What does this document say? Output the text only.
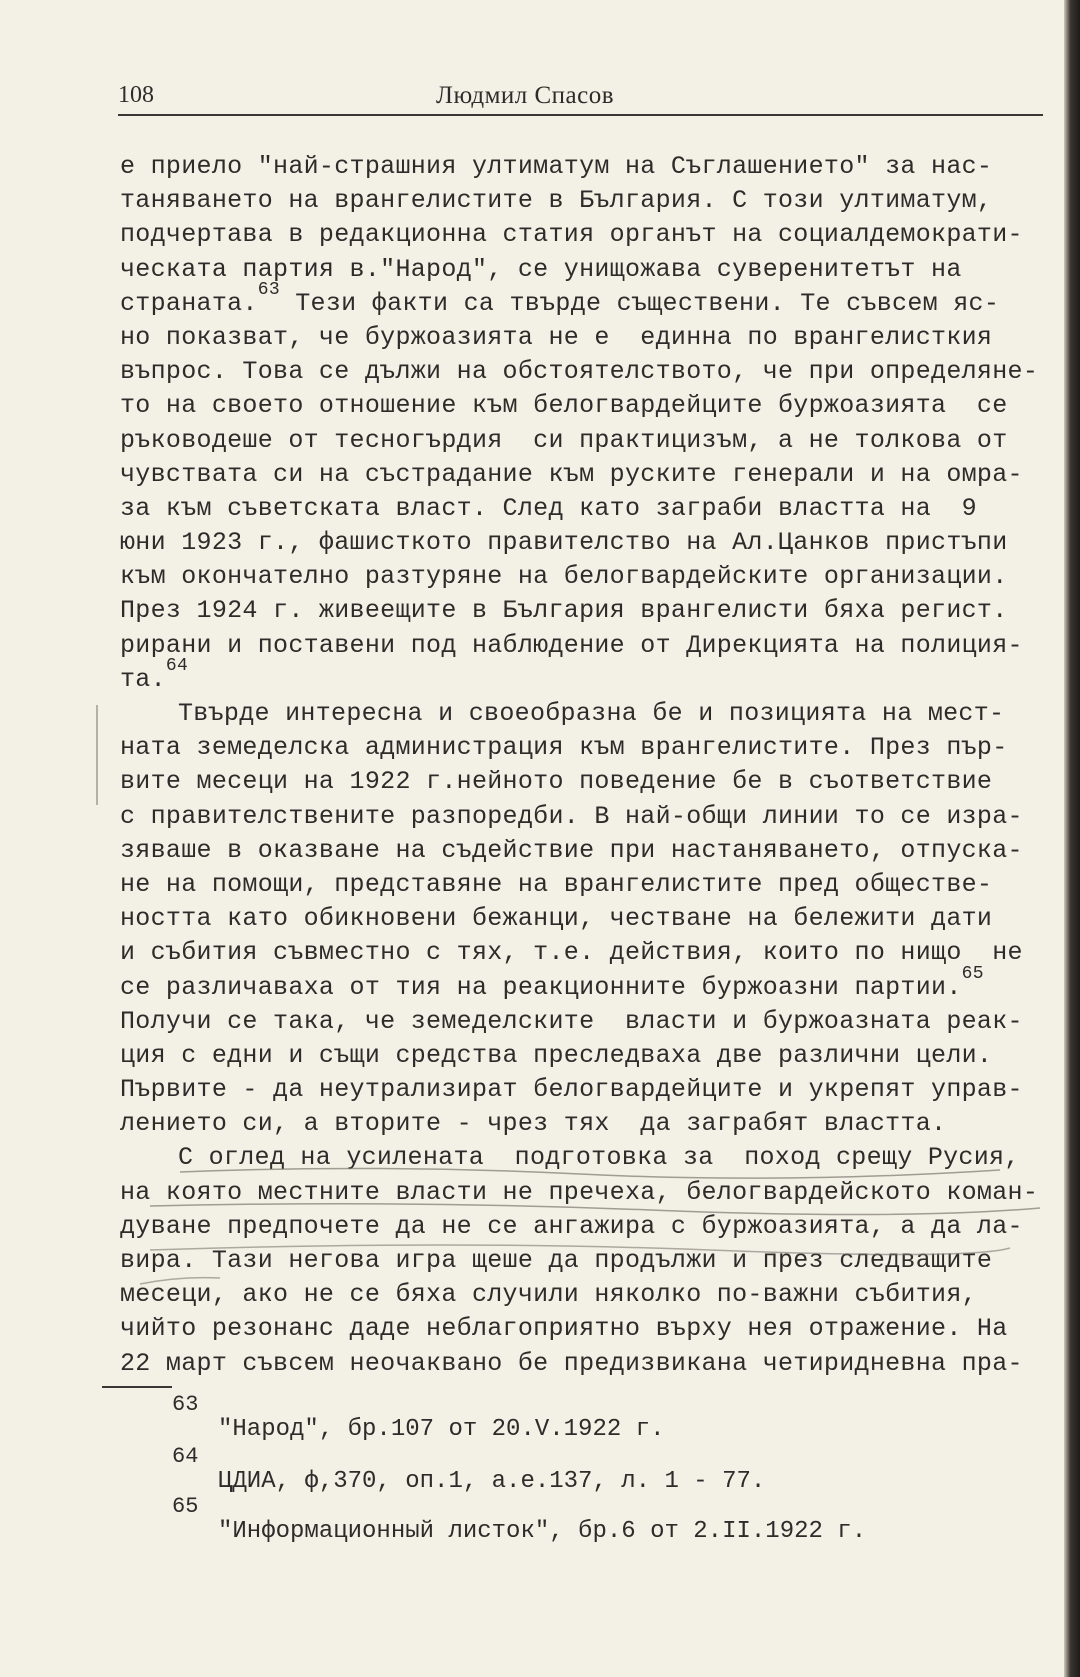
108	Людмил Спасов
е приело "най-страшния ултиматум на Съглашението" за нас-
таняването на врангелистите в България. С този ултиматум,
подчертава в редакционна статия органът на социалдемократи-
ческата партия в."Народ", се унищожава суверенитетът на
страната.$^{63}$ Тези факти са твърде съществени. Те съвсем яс-
но показват, че буржоазията не е  единна по врангелисткия
въпрос. Това се дължи на обстоятелството, че при определяне-
то на своето отношение към белогвардейците буржоазията  се
ръководеше от тесногърдия  си практицизъм, а не толкова от
чувствата си на състрадание към руските генерали и на омра-
за към съветската власт. След като заграби властта на  9
юни 1923 г., фашисткото правителство на Ал.Цанков пристъпи
към окончателно разтуряне на белогвардейските организации.
През 1924 г. живеещите в България врангелисти бяха регист.
рирани и поставени под наблюдение от Дирекцията на полиция-
та.$^{64}$
Твърде интересна и своеобразна бе и позицията на мест-
ната земеделска администрация към врангелистите. През пър-
вите месеци на 1922 г.нейното поведение бе в съответствие
с правителствените разпоредби. В най-общи линии то се изра-
зяваше в оказване на съдействие при настаняването, отпуска-
не на помощи, представяне на врангелистите пред обществе-
ността като обикновени бежанци, честване на бележити дати
и събития съвместно с тях, т.е. действия, които по нищо  не
се различаваха от тия на реакционните буржоазни партии.$^{65}$
Получи се така, че земеделските  власти и буржоазната реак-
ция с едни и същи средства преследваха две различни цели.
Първите - да неутрализират белогвардейците и укрепят управ-
лението си, а вторите - чрез тях  да заграбят властта.
С оглед на усилената  подготовка за  поход срещу Русия,
на която местните власти не пречеха, белогвардейското коман-
дуване предпочете да не се ангажира с буржоазията, а да ла-
вира. Тази негова игра щеше да продължи и през следващите
месеци, ако не се бяха случили няколко по-важни събития,
чийто резонанс даде неблагоприятно върху нея отражение. На
22 март съвсем неочаквано бе предизвикана четиридневна пра-
63
"Народ", бр.107 от 20.V.1922 г.
64
ЦДИА, ф,370, оп.1, а.е.137, л. 1 - 77.
65
"Информационный листок", бр.6 от 2.II.1922 г.
